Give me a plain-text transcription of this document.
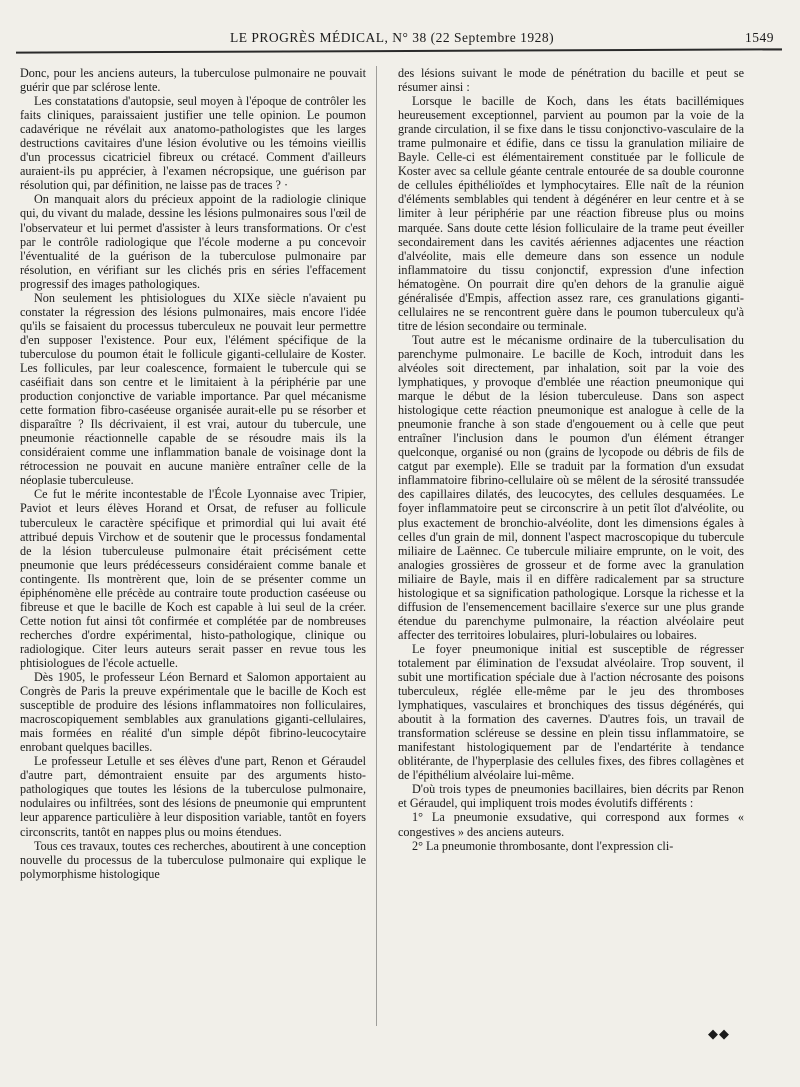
LE PROGRÈS MÉDICAL, N° 38 (22 Septembre 1928)	1549

Donc, pour les anciens auteurs, la tuberculose pulmonaire ne pouvait guérir que par sclérose lente.

Les constatations d'autopsie, seul moyen à l'époque de contrôler les faits cliniques, paraissaient justifier une telle opinion. Le poumon cadavérique ne révélait aux anatomo-pathologistes que les larges destructions cavitaires d'une lésion évolutive ou les témoins vieillis d'un processus cicatriciel fibreux ou crétacé. Comment d'ailleurs auraient-ils pu apprécier, à l'examen nécropsique, une guérison par résolution qui, par définition, ne laisse pas de traces ? ·

On manquait alors du précieux appoint de la radiologie clinique qui, du vivant du malade, dessine les lésions pulmonaires sous l'œil de l'observateur et lui permet d'assister à leurs transformations. Or c'est par le contrôle radiologique que l'école moderne a pu concevoir l'éventualité de la guérison de la tuberculose pulmonaire par résolution, en vérifiant sur les clichés pris en séries l'effacement progressif des images pathologiques.

Non seulement les phtisiologues du XIXe siècle n'avaient pu constater la régression des lésions pulmonaires, mais encore l'idée qu'ils se faisaient du processus tuberculeux ne pouvait leur permettre d'en supposer l'existence. Pour eux, l'élément spécifique de la tuberculose du poumon était le follicule giganti-cellulaire de Koster. Les follicules, par leur coalescence, formaient le tubercule qui se caséifiait dans son centre et le limitaient à la périphérie par une production conjonctive de variable importance. Par quel mécanisme cette formation fibro-caséeuse organisée aurait-elle pu se résorber et disparaître ? Ils décrivaient, il est vrai, autour du tubercule, une pneumonie réactionnelle capable de se résoudre mais ils la considéraient comme une inflammation banale de voisinage dont la rétrocession ne pouvait en aucune manière entraîner celle de la néoplasie tuberculeuse.

Ce fut le mérite incontestable de l'École Lyonnaise avec Tripier, Paviot et leurs élèves Horand et Orsat, de refuser au follicule tuberculeux le caractère spécifique et primordial qui lui avait été attribué depuis Virchow et de soutenir que le processus fondamental de la lésion tuberculeuse pulmonaire était précisément cette pneumonie que leurs prédécesseurs considéraient comme banale et contingente. Ils montrèrent que, loin de se présenter comme un épiphénomène elle précède au contraire toute production caséeuse ou fibreuse et que le bacille de Koch est capable à lui seul de la créer. Cette notion fut ainsi tôt confirmée et complétée par de nombreuses recherches d'ordre expérimental, histo-pathologique, clinique ou radiologique. Citer leurs auteurs serait passer en revue tous les phtisiologues de l'école actuelle.

Dès 1905, le professeur Léon Bernard et Salomon apportaient au Congrès de Paris la preuve expérimentale que le bacille de Koch est susceptible de produire des lésions inflammatoires non folliculaires, macroscopiquement semblables aux granulations giganti-cellulaires, mais formées en réalité d'un simple dépôt fibrino-leucocytaire enrobant quelques bacilles.

Le professeur Letulle et ses élèves d'une part, Renon et Géraudel d'autre part, démontraient ensuite par des arguments histo-pathologiques que toutes les lésions de la tuberculose pulmonaire, nodulaires ou infiltrées, sont des lésions de pneumonie qui empruntent leur apparence particulière à leur disposition variable, tantôt en foyers circonscrits, tantôt en nappes plus ou moins étendues.

Tous ces travaux, toutes ces recherches, aboutirent à une conception nouvelle du processus de la tuberculose pulmonaire qui explique le polymorphisme histologique

des lésions suivant le mode de pénétration du bacille et peut se résumer ainsi :

Lorsque le bacille de Koch, dans les états bacillémiques heureusement exceptionnel, parvient au poumon par la voie de la grande circulation, il se fixe dans le tissu conjonctivo-vasculaire de la trame pulmonaire et édifie, dans ce tissu la granulation miliaire de Bayle. Celle-ci est élémentairement constituée par le follicule de Koster avec sa cellule géante centrale entourée de sa double couronne de cellules épithélioïdes et lymphocytaires. Elle naît de la réunion d'éléments semblables qui tendent à dégénérer en leur centre et à se limiter à leur périphérie par une réaction fibreuse plus ou moins marquée. Sans doute cette lésion folliculaire de la trame peut éveiller secondairement dans les cavités aériennes adjacentes une réaction d'alvéolite, mais elle demeure dans son essence un nodule inflammatoire du tissu conjonctif, expression d'une infection hématogène. On pourrait dire qu'en dehors de la granulie aiguë généralisée d'Empis, affection assez rare, ces granulations giganti-cellulaires ne se rencontrent guère dans le poumon tuberculeux qu'à titre de lésion secondaire ou terminale.

Tout autre est le mécanisme ordinaire de la tuberculisation du parenchyme pulmonaire. Le bacille de Koch, introduit dans les alvéoles soit directement, par inhalation, soit par la voie des lymphatiques, y provoque d'emblée une réaction pneumonique qui marque le début de la lésion tuberculeuse. Dans son aspect histologique cette réaction pneumonique est analogue à celle de la pneumonie franche à son stade d'engouement ou à celle que peut entraîner l'inclusion dans le poumon d'un élément étranger quelconque, organisé ou non (grains de lycopode ou débris de fils de catgut par exemple). Elle se traduit par la formation d'un exsudat inflammatoire fibrino-cellulaire où se mêlent de la sérosité transsudée des capillaires dilatés, des leucocytes, des cellules desquamées. Le foyer inflammatoire peut se circonscrire à un petit îlot d'alvéolite, ou plus exactement de bronchio-alvéolite, dont les dimensions égales à celles d'un grain de mil, donnent l'aspect macroscopique du tubercule miliaire de Laënnec. Ce tubercule miliaire emprunte, on le voit, des analogies grossières de grosseur et de forme avec la granulation miliaire de Bayle, mais il en diffère radicalement par sa structure histologique et sa signification pathologique. Lorsque la richesse et la diffusion de l'ensemencement bacillaire s'exerce sur une plus grande étendue du parenchyme pulmonaire, la réaction alvéolaire peut affecter des territoires lobulaires, pluri-lobulaires ou lobaires.

Le foyer pneumonique initial est susceptible de régresser totalement par élimination de l'exsudat alvéolaire. Trop souvent, il subit une mortification spéciale due à l'action nécrosante des poisons tuberculeux, réglée elle-même par le jeu des thromboses lymphatiques, vasculaires et bronchiques des tissus dégénérés, qui aboutit à la formation des cavernes. D'autres fois, un travail de transformation scléreuse se dessine en plein tissu inflammatoire, se manifestant histologiquement par de l'endartérite à tendance oblitérante, de l'hyperplasie des cellules fixes, des fibres collagènes et de l'épithélium alvéolaire lui-même.

D'où trois types de pneumonies bacillaires, bien décrits par Renon et Géraudel, qui impliquent trois modes évolutifs différents :

1° La pneumonie exsudative, qui correspond aux formes « congestives » des anciens auteurs.

2° La pneumonie thrombosante, dont l'expression cli-

◆◆
